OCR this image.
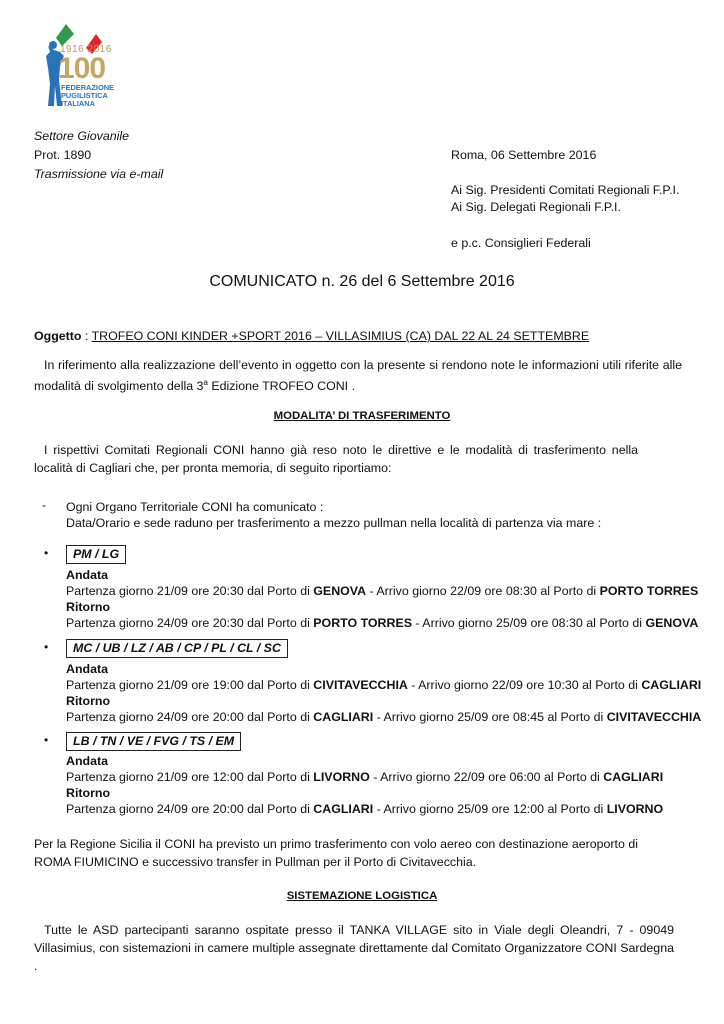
1916 2016
100
FEDERAZIONE
PUGILISTICA
ITALIANA
Settore Giovanile
Prot. 1890
Trasmissione via e-mail
Roma, 06 Settembre 2016
Ai Sig. Presidenti Comitati Regionali F.P.I.
Ai Sig. Delegati Regionali F.P.I.
e p.c. Consiglieri Federali
COMUNICATO n. 26 del 6 Settembre 2016
Oggetto : TROFEO CONI KINDER +SPORT 2016 – VILLASIMIUS (CA) DAL 22 AL 24 SETTEMBRE
In riferimento alla realizzazione dell’evento in oggetto con la presente si rendono note le informazioni utili riferite alle modalità di svolgimento della 3$^a$ Edizione TROFEO CONI .
MODALITA’ DI TRASFERIMENTO
I rispettivi Comitati Regionali CONI hanno già reso noto le direttive e le modalità di trasferimento nella località di Cagliari che, per pronta memoria, di seguito riportiamo:
- Ogni Organo Territoriale CONI ha comunicato :
Data/Orario e sede raduno per trasferimento a mezzo pullman nella località di partenza via mare :
•	PM / LG
Andata
Partenza giorno 21/09 ore 20:30 dal Porto di GENOVA - Arrivo giorno 22/09 ore 08:30 al Porto di PORTO TORRES
Ritorno
Partenza giorno 24/09 ore 20:30 dal Porto di PORTO TORRES - Arrivo giorno 25/09 ore 08:30 al Porto di GENOVA
•	MC / UB / LZ / AB / CP / PL / CL / SC
Andata
Partenza giorno 21/09 ore 19:00 dal Porto di CIVITAVECCHIA - Arrivo giorno 22/09 ore 10:30 al Porto di CAGLIARI
Ritorno
Partenza giorno 24/09 ore 20:00 dal Porto di CAGLIARI - Arrivo giorno 25/09 ore 08:45 al Porto di CIVITAVECCHIA
•	LB / TN / VE / FVG / TS / EM
Andata
Partenza giorno 21/09 ore 12:00 dal Porto di LIVORNO - Arrivo giorno 22/09 ore 06:00 al Porto di CAGLIARI
Ritorno
Partenza giorno 24/09 ore 20:00 dal Porto di CAGLIARI - Arrivo giorno 25/09 ore 12:00 al Porto di LIVORNO
Per la Regione Sicilia il CONI ha previsto un primo trasferimento con volo aereo con destinazione aeroporto di ROMA FIUMICINO e successivo transfer in Pullman per il Porto di Civitavecchia.
SISTEMAZIONE LOGISTICA
Tutte le ASD partecipanti saranno ospitate presso il TANKA VILLAGE sito in Viale degli Oleandri, 7 - 09049 Villasimius, con sistemazioni in camere multiple assegnate direttamente dal Comitato Organizzatore CONI Sardegna .
